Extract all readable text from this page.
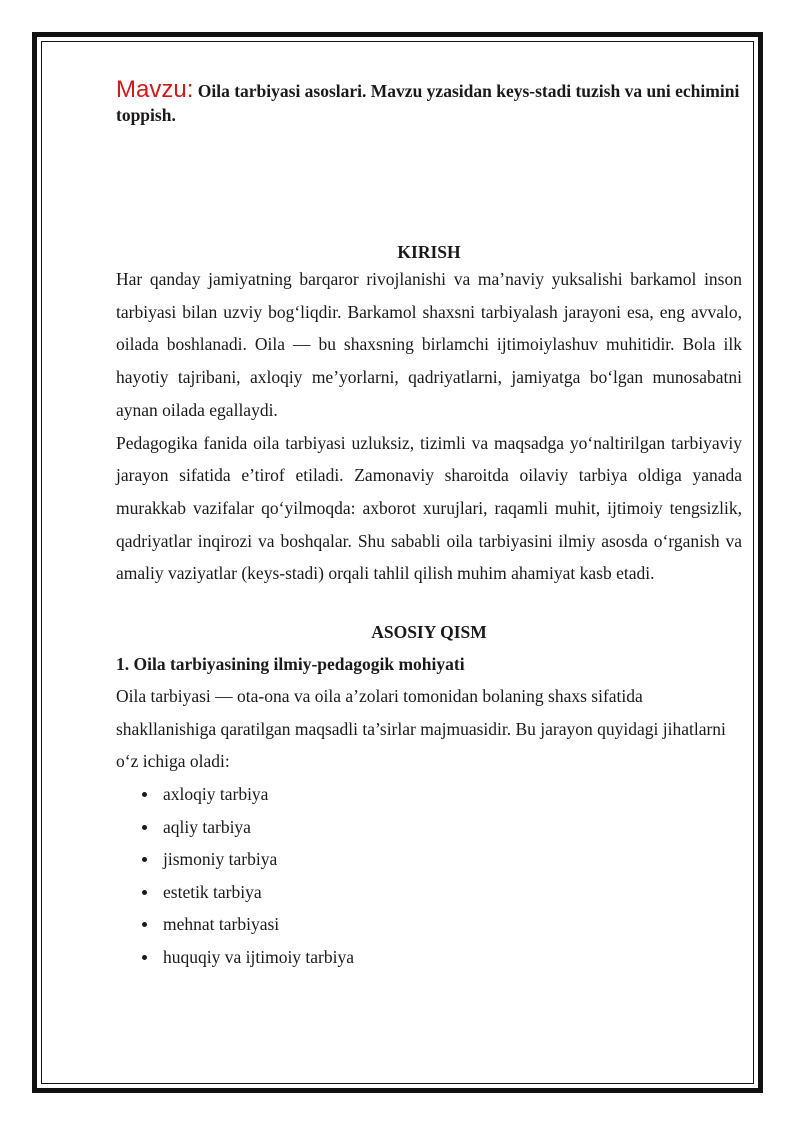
Mavzu: Oila tarbiyasi asoslari. Mavzu yzasidan keys-stadi tuzish va uni echimini toppish.

KIRISH

Har qanday jamiyatning barqaror rivojlanishi va ma’naviy yuksalishi barkamol inson tarbiyasi bilan uzviy bog‘liqdir. Barkamol shaxsni tarbiyalash jarayoni esa, eng avvalo, oilada boshlanadi. Oila — bu shaxsning birlamchi ijtimoiylashuv muhitidir. Bola ilk hayotiy tajribani, axloqiy me’yorlarni, qadriyatlarni, jamiyatga bo‘lgan munosabatni aynan oilada egallaydi.

Pedagogika fanida oila tarbiyasi uzluksiz, tizimli va maqsadga yo‘naltirilgan tarbiyaviy jarayon sifatida e’tirof etiladi. Zamonaviy sharoitda oilaviy tarbiya oldiga yanada murakkab vazifalar qo‘yilmoqda: axborot xurujlari, raqamli muhit, ijtimoiy tengsizlik, qadriyatlar inqirozi va boshqalar. Shu sababli oila tarbiyasini ilmiy asosda o‘rganish va amaliy vaziyatlar (keys-stadi) orqali tahlil qilish muhim ahamiyat kasb etadi.

ASOSIY QISM

1. Oila tarbiyasining ilmiy-pedagogik mohiyati

Oila tarbiyasi — ota-ona va oila a’zolari tomonidan bolaning shaxs sifatida shakllanishiga qaratilgan maqsadli ta’sirlar majmuasidir. Bu jarayon quyidagi jihatlarni o‘z ichiga oladi:

axloqiy tarbiya
aqliy tarbiya
jismoniy tarbiya
estetik tarbiya
mehnat tarbiyasi
huquqiy va ijtimoiy tarbiya
